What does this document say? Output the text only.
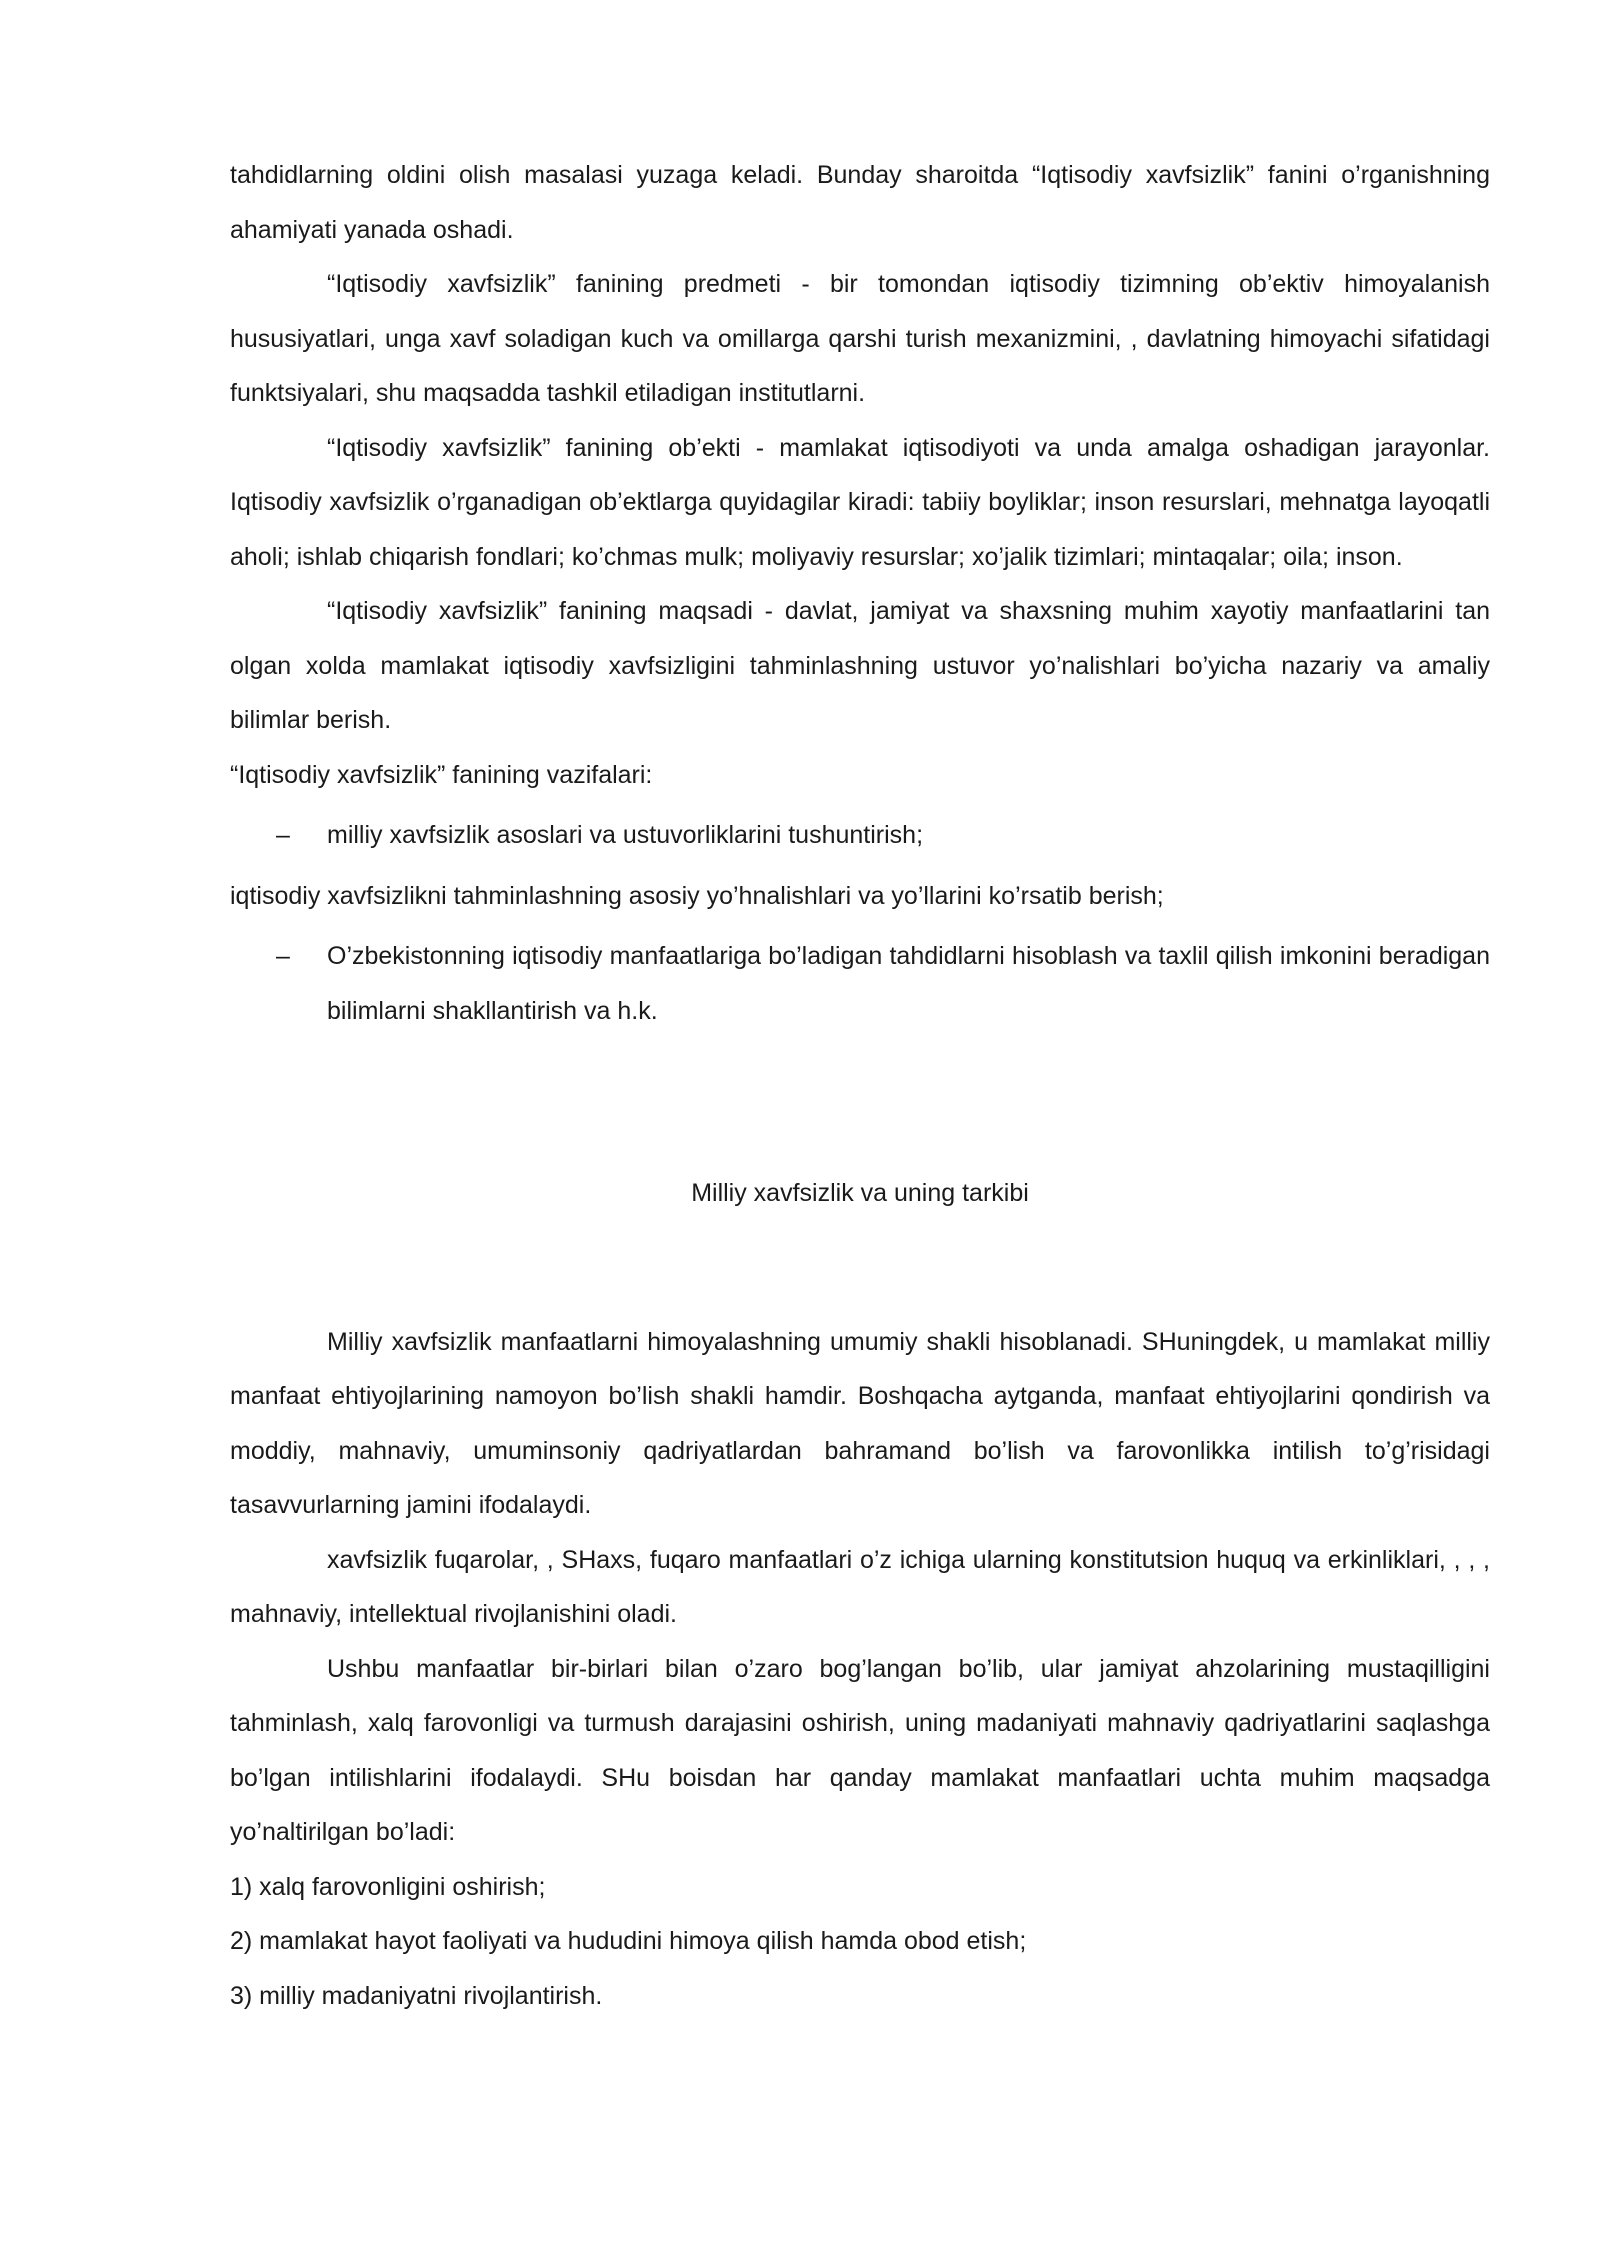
tahdidlarning oldini olish masalasi yuzaga keladi. Bunday sharoitda “Iqtisodiy xavfsizlik” fanini o’rganishning ahamiyati yanada oshadi.

“Iqtisodiy xavfsizlik” fanining predmeti - bir tomondan iqtisodiy tizimning ob’ektiv himoyalanish hususiyatlari, unga xavf soladigan kuch va omillarga qarshi turish mexanizmini, , davlatning himoyachi sifatidagi funktsiyalari, shu maqsadda tashkil etiladigan institutlarni.

“Iqtisodiy xavfsizlik” fanining ob’ekti - mamlakat iqtisodiyoti va unda amalga oshadigan jarayonlar. Iqtisodiy xavfsizlik o’rganadigan ob’ektlarga quyidagilar kiradi: tabiiy boyliklar; inson resurslari, mehnatga layoqatli aholi; ishlab chiqarish fondlari; ko’chmas mulk; moliyaviy resurslar; xo’jalik tizimlari; mintaqalar; oila; inson.

“Iqtisodiy xavfsizlik” fanining maqsadi - davlat, jamiyat va shaxsning muhim xayotiy manfaatlarini tan olgan xolda mamlakat iqtisodiy xavfsizligini tahminlashning ustuvor yo’nalishlari bo’yicha nazariy va amaliy bilimlar berish.

“Iqtisodiy xavfsizlik” fanining vazifalari:

– milliy xavfsizlik asoslari va ustuvorliklarini tushuntirish;

iqtisodiy xavfsizlikni tahminlashning asosiy yo’hnalishlari va yo’llarini ko’rsatib berish;

– O’zbekistonning iqtisodiy manfaatlariga bo’ladigan tahdidlarni hisoblash va taxlil qilish imkonini beradigan bilimlarni shakllantirish va h.k.
Milliy xavfsizlik va uning tarkibi

Milliy xavfsizlik manfaatlarni himoyalashning umumiy shakli hisoblanadi. SHuningdek, u mamlakat milliy manfaat ehtiyojlarining namoyon bo’lish shakli hamdir. Boshqacha aytganda, manfaat ehtiyojlarini qondirish va moddiy, mahnaviy, umuminsoniy qadriyatlardan bahramand bo’lish va farovonlikka intilish to’g’risidagi tasavvurlarning jamini ifodalaydi.

xavfsizlik fuqarolar, , SHaxs, fuqaro manfaatlari o’z ichiga ularning konstitutsion huquq va erkinliklari, , , , mahnaviy, intellektual rivojlanishini oladi.

Ushbu manfaatlar bir-birlari bilan o’zaro bog’langan bo’lib, ular jamiyat ahzolarining mustaqilligini tahminlash, xalq farovonligi va turmush darajasini oshirish, uning madaniyati mahnaviy qadriyatlarini saqlashga bo’lgan intilishlarini ifodalaydi. SHu boisdan har qanday mamlakat manfaatlari uchta muhim maqsadga yo’naltirilgan bo’ladi:

1) xalq farovonligini oshirish;

2) mamlakat hayot faoliyati va hududini himoya qilish hamda obod etish;

3) milliy madaniyatni rivojlantirish.
